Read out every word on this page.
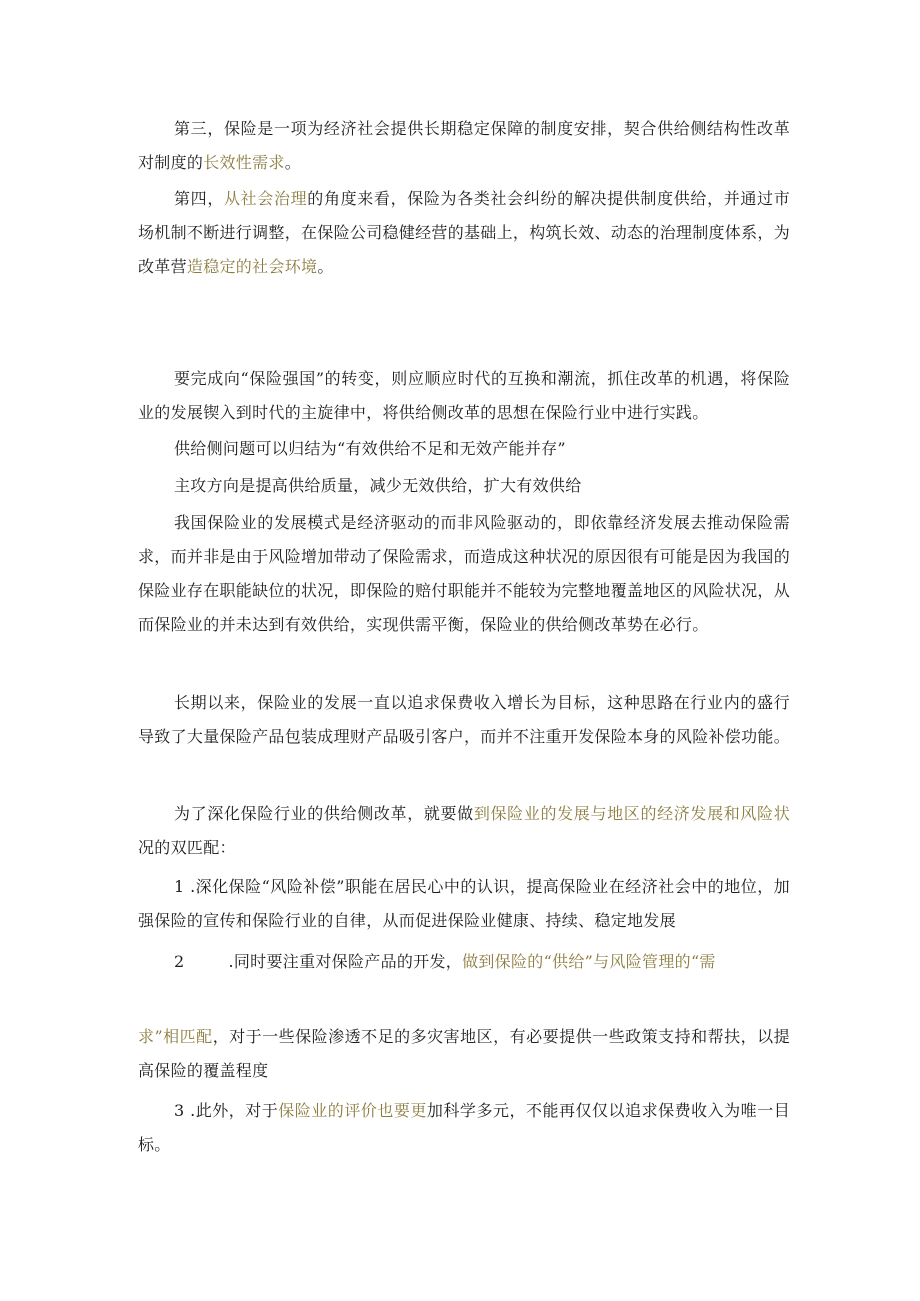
第三，保险是一项为经济社会提供长期稳定保障的制度安排，契合供给侧结构性改革对制度的长效性需求。

第四，从社会治理的角度来看，保险为各类社会纠纷的解决提供制度供给，并通过市场机制不断进行调整，在保险公司稳健经营的基础上，构筑长效、动态的治理制度体系，为改革营造稳定的社会环境。

要完成向“保险强国”的转变，则应顺应时代的互换和潮流，抓住改革的机遇，将保险业的发展锲入到时代的主旋律中，将供给侧改革的思想在保险行业中进行实践。

供给侧问题可以归结为“有效供给不足和无效产能并存”

主攻方向是提高供给质量，减少无效供给，扩大有效供给

我国保险业的发展模式是经济驱动的而非风险驱动的，即依靠经济发展去推动保险需求，而并非是由于风险增加带动了保险需求，而造成这种状况的原因很有可能是因为我国的保险业存在职能缺位的状况，即保险的赔付职能并不能较为完整地覆盖地区的风险状况，从而保险业的并未达到有效供给，实现供需平衡，保险业的供给侧改革势在必行。

长期以来，保险业的发展一直以追求保费收入增长为目标，这种思路在行业内的盛行导致了大量保险产品包装成理财产品吸引客户，而并不注重开发保险本身的风险补偿功能。

为了深化保险行业的供给侧改革，就要做到保险业的发展与地区的经济发展和风险状况的双匹配：

1 .深化保险“风险补偿”职能在居民心中的认识，提高保险业在经济社会中的地位，加强保险的宣传和保险行业的自律，从而促进保险业健康、持续、稳定地发展

2	.同时要注重对保险产品的开发，做到保险的“供给”与风险管理的“需

求”相匹配，对于一些保险渗透不足的多灾害地区，有必要提供一些政策支持和帮扶，以提高保险的覆盖程度

3 .此外，对于保险业的评价也要更加科学多元，不能再仅仅以追求保费收入为唯一目标。
